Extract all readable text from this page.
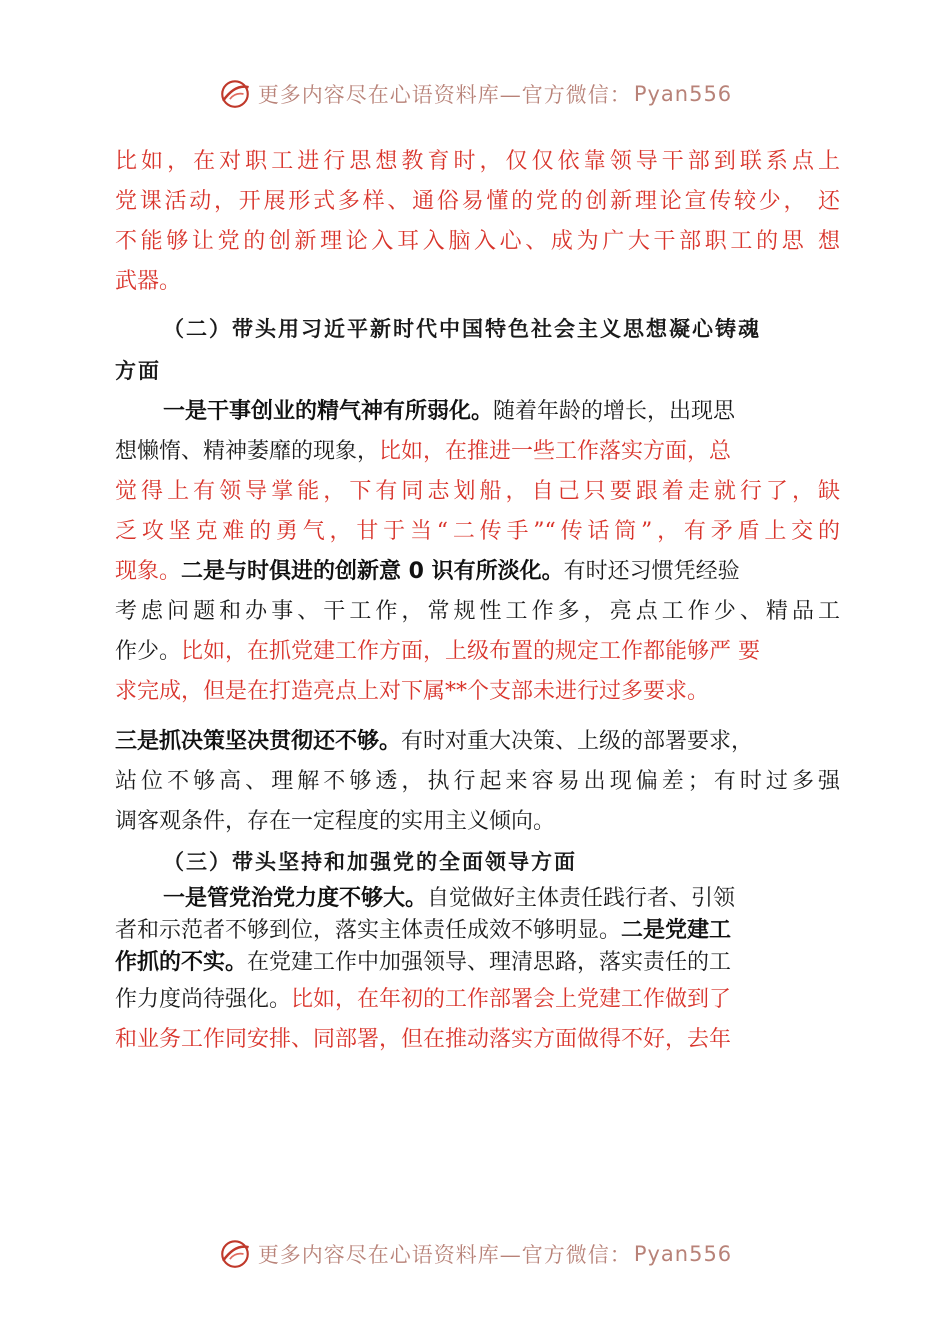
更多内容尽在心语资料库—官方微信： Pyan556
比如，在对职工进行思想教育时，仅仅依靠领导干部到联系点上
党课活动，开展形式多样、通俗易懂的党的创新理论宣传较少， 还
不能够让党的创新理论入耳入脑入心、成为广大干部职工的思 想
武器。
（二）带头用习近平新时代中国特色社会主义思想凝心铸魂
方面
一是干事创业的精气神有所弱化。随着年龄的增长，出现思
想懒惰、精神萎靡的现象，比如，在推进一些工作落实方面，总
觉得上有领导掌能，下有同志划船，自己只要跟着走就行了，缺
乏攻坚克难的勇气，甘于当“二传手”“传话筒”，有矛盾上交的
现象。二是与时俱进的创新意 0 识有所淡化。有时还习惯凭经验
考虑问题和办事、干工作，常规性工作多，亮点工作少、精品工
作少。比如，在抓党建工作方面，上级布置的规定工作都能够严 要
求完成，但是在打造亮点上对下属**个支部未进行过多要求。
三是抓决策坚决贯彻还不够。有时对重大决策、上级的部署要求，
站位不够高、理解不够透，执行起来容易出现偏差；有时过多强
调客观条件，存在一定程度的实用主义倾向。
（三）带头坚持和加强党的全面领导方面
一是管党治党力度不够大。自觉做好主体责任践行者、引领
者和示范者不够到位，落实主体责任成效不够明显。二是党建工
作抓的不实。在党建工作中加强领导、理清思路，落实责任的工
作力度尚待强化。比如，在年初的工作部署会上党建工作做到了
和业务工作同安排、同部署，但在推动落实方面做得不好，去年
更多内容尽在心语资料库—官方微信： Pyan556
